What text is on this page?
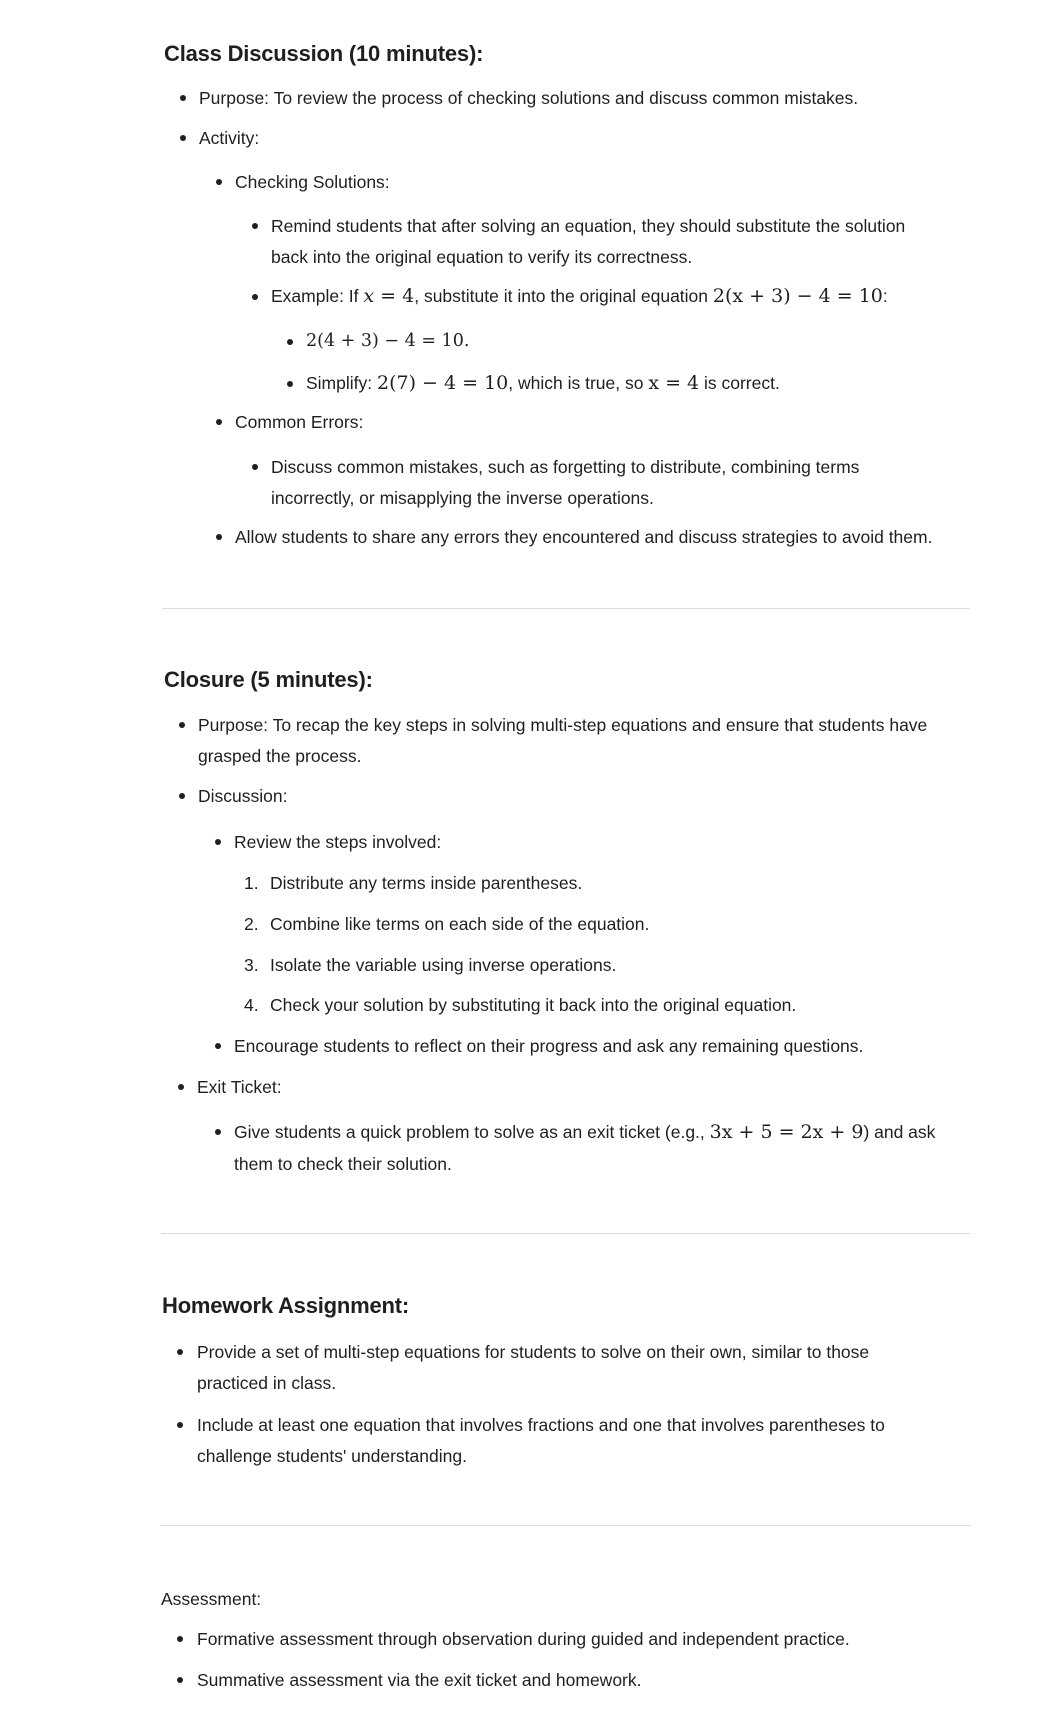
Class Discussion (10 minutes):
Purpose: To review the process of checking solutions and discuss common mistakes.
Activity:
Checking Solutions:
Remind students that after solving an equation, they should substitute the solution
back into the original equation to verify its correctness.
Example: If x = 4, substitute it into the original equation 2(x + 3) − 4 = 10:
2(4 + 3) − 4 = 10.
Simplify: 2(7) − 4 = 10, which is true, so x = 4 is correct.
Common Errors:
Discuss common mistakes, such as forgetting to distribute, combining terms
incorrectly, or misapplying the inverse operations.
Allow students to share any errors they encountered and discuss strategies to avoid them.
Closure (5 minutes):
Purpose: To recap the key steps in solving multi-step equations and ensure that students have
grasped the process.
Discussion:
Review the steps involved:
1. Distribute any terms inside parentheses.
2. Combine like terms on each side of the equation.
3. Isolate the variable using inverse operations.
4. Check your solution by substituting it back into the original equation.
Encourage students to reflect on their progress and ask any remaining questions.
Exit Ticket:
Give students a quick problem to solve as an exit ticket (e.g., 3x + 5 = 2x + 9) and ask
them to check their solution.
Homework Assignment:
Provide a set of multi-step equations for students to solve on their own, similar to those
practiced in class.
Include at least one equation that involves fractions and one that involves parentheses to
challenge students' understanding.
Assessment:
Formative assessment through observation during guided and independent practice.
Summative assessment via the exit ticket and homework.
